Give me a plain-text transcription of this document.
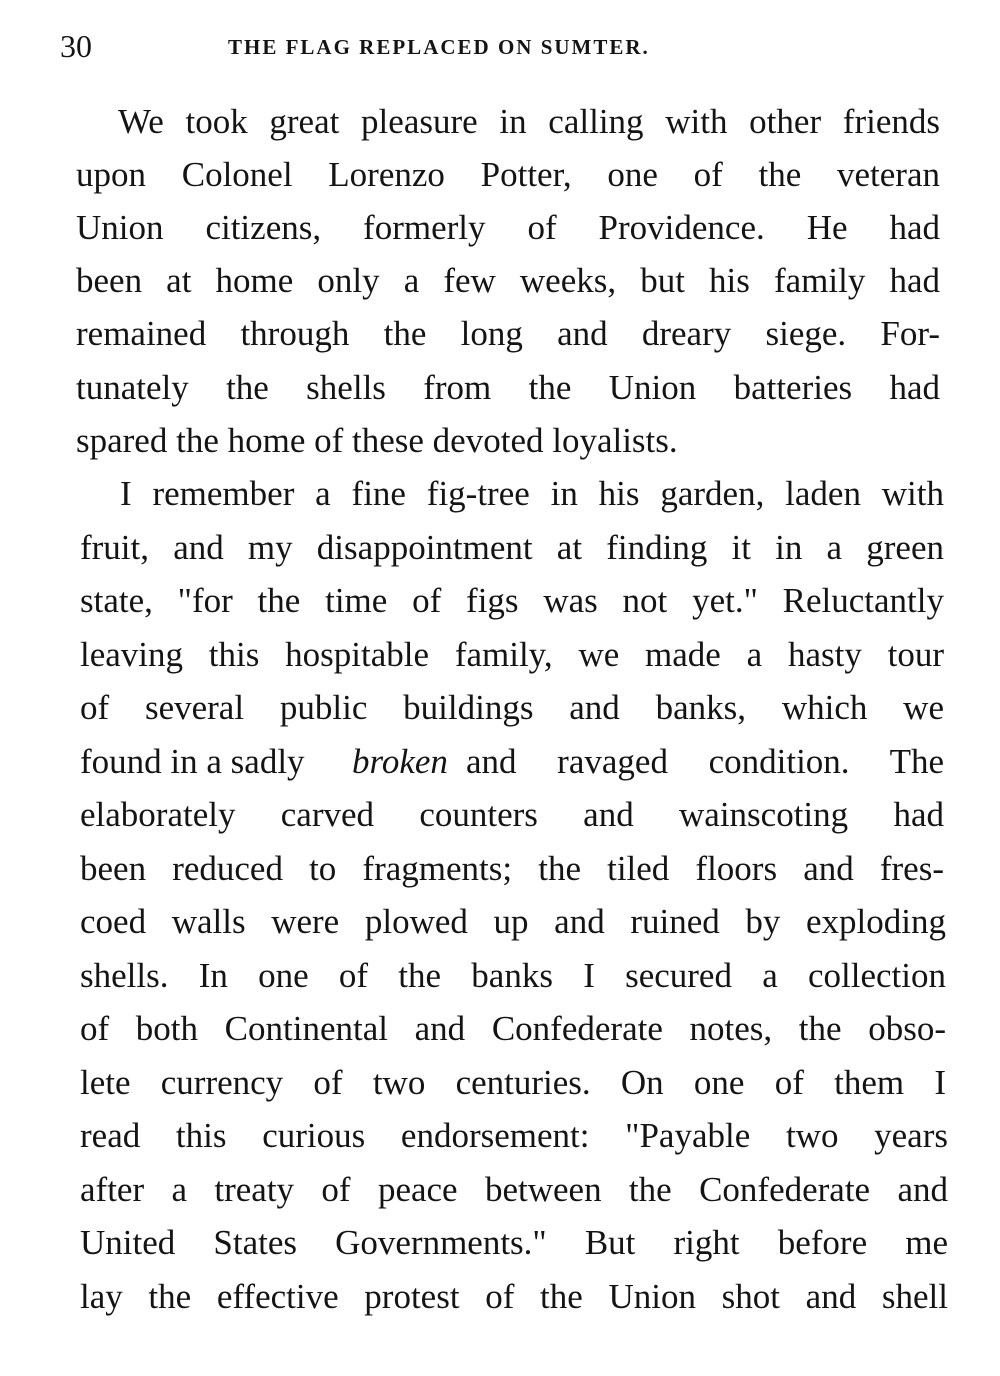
30	THE FLAG REPLACED ON SUMTER.
We took great pleasure in calling with other friends
upon Colonel Lorenzo Potter, one of the veteran
Union citizens, formerly of Providence. He had
been at home only a few weeks, but his family had
remained through the long and dreary siege. For-
tunately the shells from the Union batteries had
spared the home of these devoted loyalists.
I remember a fine fig-tree in his garden, laden with
fruit, and my disappointment at finding it in a green
state, "for the time of figs was not yet." Reluctantly
leaving this hospitable family, we made a hasty tour
of several public buildings and banks, which we
found in a sadly	broken and ravaged condition. The
elaborately carved counters and wainscoting had
been reduced to fragments; the tiled floors and fres-
coed walls were plowed up and ruined by exploding
shells. In one of the banks I secured a collection
of both Continental and Confederate notes, the obso-
lete currency of two centuries. On one of them I
read this curious endorsement: "Payable two years
after a treaty of peace between the Confederate and
United States Governments." But right before me
lay the effective protest of the Union shot and shell
